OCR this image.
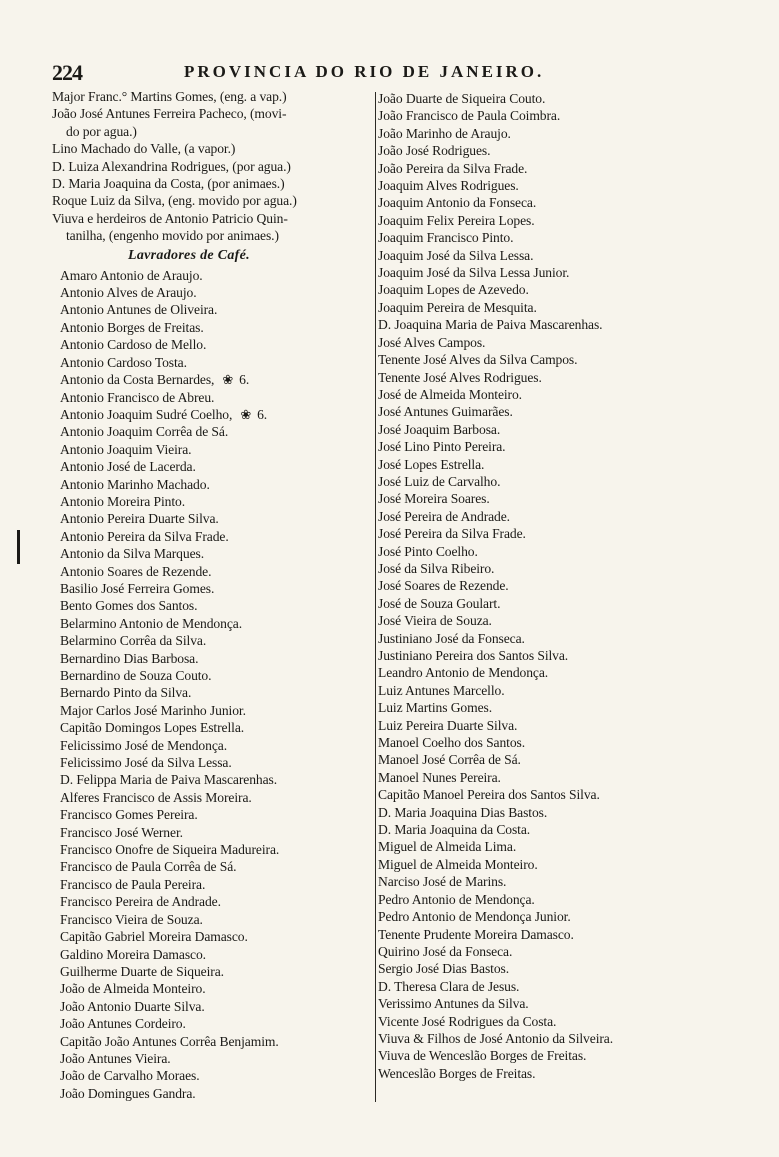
224	PROVINCIA DO RIO DE JANEIRO.
Major Franc.° Martins Gomes, (eng. a vap.)
João José Antunes Ferreira Pacheco, (movi-
do por agua.)
Lino Machado do Valle, (a vapor.)
D. Luiza Alexandrina Rodrigues, (por agua.)
D. Maria Joaquina da Costa, (por animaes.)
Roque Luiz da Silva, (eng. movido por agua.)
Viuva e herdeiros de Antonio Patricio Quin-
tanilha, (engenho movido por animaes.)
Lavradores de Café.
Amaro Antonio de Araujo.
Antonio Alves de Araujo.
Antonio Antunes de Oliveira.
Antonio Borges de Freitas.
Antonio Cardoso de Mello.
Antonio Cardoso Tosta.
Antonio da Costa Bernardes, ❀ 6.
Antonio Francisco de Abreu.
Antonio Joaquim Sudré Coelho, ❀ 6.
Antonio Joaquim Corrêa de Sá.
Antonio Joaquim Vieira.
Antonio José de Lacerda.
Antonio Marinho Machado.
Antonio Moreira Pinto.
Antonio Pereira Duarte Silva.
Antonio Pereira da Silva Frade.
Antonio da Silva Marques.
Antonio Soares de Rezende.
Basilio José Ferreira Gomes.
Bento Gomes dos Santos.
Belarmino Antonio de Mendonça.
Belarmino Corrêa da Silva.
Bernardino Dias Barbosa.
Bernardino de Souza Couto.
Bernardo Pinto da Silva.
Major Carlos José Marinho Junior.
Capitão Domingos Lopes Estrella.
Felicissimo José de Mendonça.
Felicissimo José da Silva Lessa.
D. Felippa Maria de Paiva Mascarenhas.
Alferes Francisco de Assis Moreira.
Francisco Gomes Pereira.
Francisco José Werner.
Francisco Onofre de Siqueira Madureira.
Francisco de Paula Corrêa de Sá.
Francisco de Paula Pereira.
Francisco Pereira de Andrade.
Francisco Vieira de Souza.
Capitão Gabriel Moreira Damasco.
Galdino Moreira Damasco.
Guilherme Duarte de Siqueira.
João de Almeida Monteiro.
João Antonio Duarte Silva.
João Antunes Cordeiro.
Capitão João Antunes Corrêa Benjamim.
João Antunes Vieira.
João de Carvalho Moraes.
João Domingues Gandra.
João Duarte de Siqueira Couto.
João Francisco de Paula Coimbra.
João Marinho de Araujo.
João José Rodrigues.
João Pereira da Silva Frade.
Joaquim Alves Rodrigues.
Joaquim Antonio da Fonseca.
Joaquim Felix Pereira Lopes.
Joaquim Francisco Pinto.
Joaquim José da Silva Lessa.
Joaquim José da Silva Lessa Junior.
Joaquim Lopes de Azevedo.
Joaquim Pereira de Mesquita.
D. Joaquina Maria de Paiva Mascarenhas.
José Alves Campos.
Tenente José Alves da Silva Campos.
Tenente José Alves Rodrigues.
José de Almeida Monteiro.
José Antunes Guimarães.
José Joaquim Barbosa.
José Lino Pinto Pereira.
José Lopes Estrella.
José Luiz de Carvalho.
José Moreira Soares.
José Pereira de Andrade.
José Pereira da Silva Frade.
José Pinto Coelho.
José da Silva Ribeiro.
José Soares de Rezende.
José de Souza Goulart.
José Vieira de Souza.
Justiniano José da Fonseca.
Justiniano Pereira dos Santos Silva.
Leandro Antonio de Mendonça.
Luiz Antunes Marcello.
Luiz Martins Gomes.
Luiz Pereira Duarte Silva.
Manoel Coelho dos Santos.
Manoel José Corrêa de Sá.
Manoel Nunes Pereira.
Capitão Manoel Pereira dos Santos Silva.
D. Maria Joaquina Dias Bastos.
D. Maria Joaquina da Costa.
Miguel de Almeida Lima.
Miguel de Almeida Monteiro.
Narciso José de Marins.
Pedro Antonio de Mendonça.
Pedro Antonio de Mendonça Junior.
Tenente Prudente Moreira Damasco.
Quirino José da Fonseca.
Sergio José Dias Bastos.
D. Theresa Clara de Jesus.
Verissimo Antunes da Silva.
Vicente José Rodrigues da Costa.
Viuva & Filhos de José Antonio da Silveira.
Viuva de Wenceslão Borges de Freitas.
Wenceslão Borges de Freitas.
